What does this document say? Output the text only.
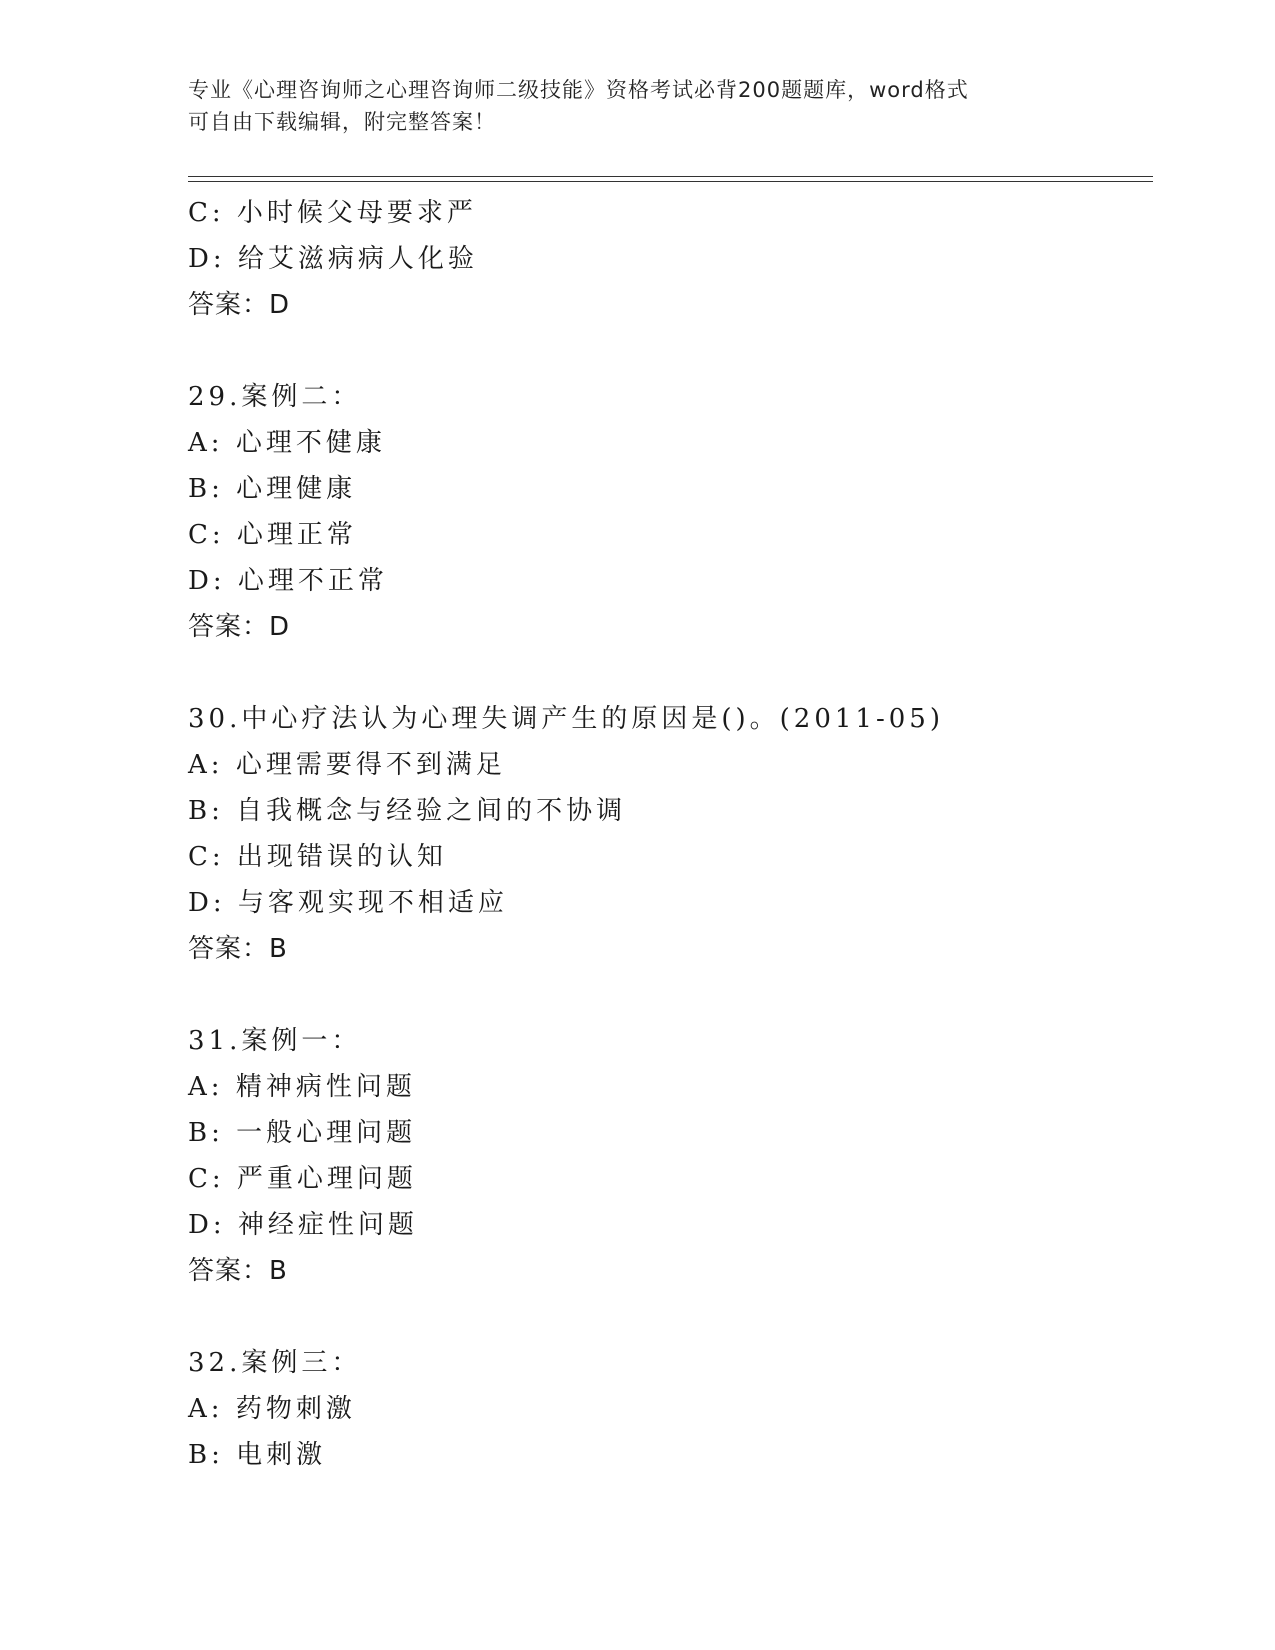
专业《心理咨询师之心理咨询师二级技能》资格考试必背200题题库，word格式

可自由下载编辑，附完整答案！

C: 小时候父母要求严
D: 给艾滋病病人化验
答案：D
29.案例二：
A: 心理不健康
B: 心理健康
C: 心理正常
D: 心理不正常
答案：D
30.中心疗法认为心理失调产生的原因是()。(2011-05)
A: 心理需要得不到满足
B: 自我概念与经验之间的不协调
C: 出现错误的认知
D: 与客观实现不相适应
答案：B
31.案例一：
A: 精神病性问题
B: 一般心理问题
C: 严重心理问题
D: 神经症性问题
答案：B
32.案例三：
A: 药物刺激
B: 电刺激
